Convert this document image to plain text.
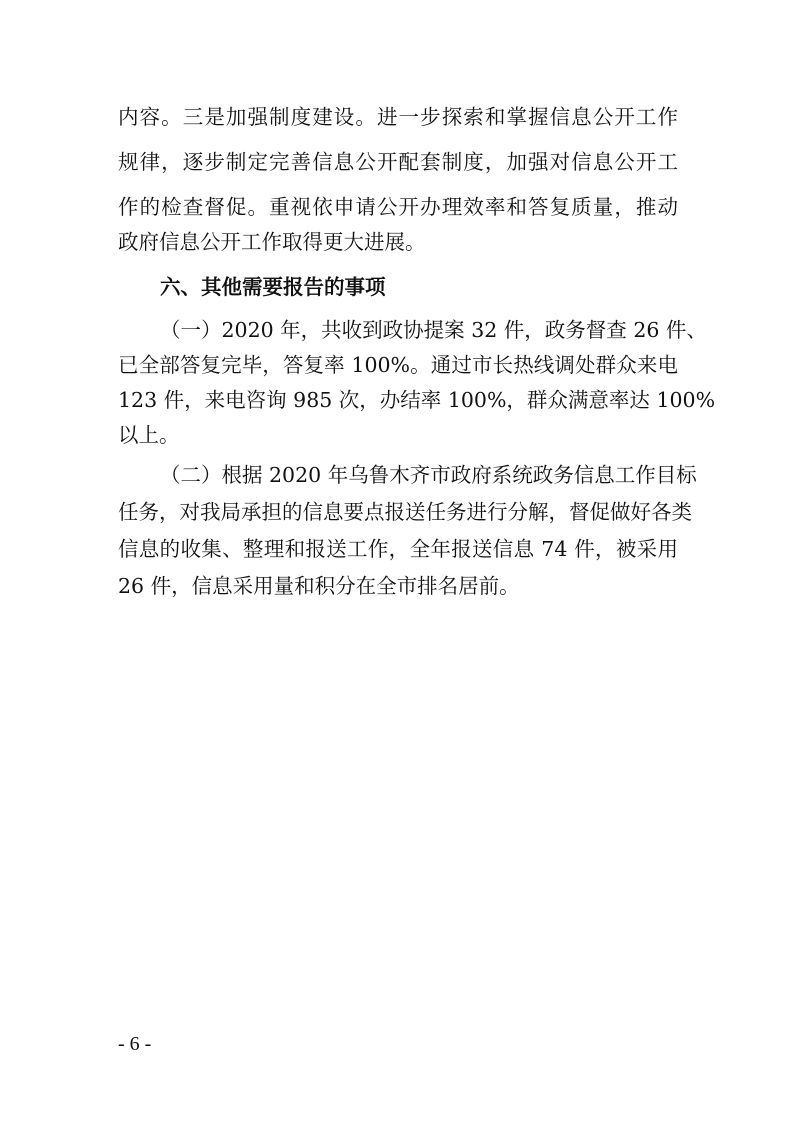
内容。三是加强制度建设。进一步探索和掌握信息公开工作
规律，逐步制定完善信息公开配套制度，加强对信息公开工
作的检查督促。重视依申请公开办理效率和答复质量，推动
政府信息公开工作取得更大进展。
六、其他需要报告的事项
（一）2020 年，共收到政协提案 32 件，政务督查 26 件、
已全部答复完毕，答复率 100%。通过市长热线调处群众来电
123 件，来电咨询 985 次，办结率 100%，群众满意率达 100%
以上。
（二）根据 2020 年乌鲁木齐市政府系统政务信息工作目标
任务，对我局承担的信息要点报送任务进行分解，督促做好各类
信息的收集、整理和报送工作，全年报送信息 74 件，被采用
26 件，信息采用量和积分在全市排名居前。
- 6 -
